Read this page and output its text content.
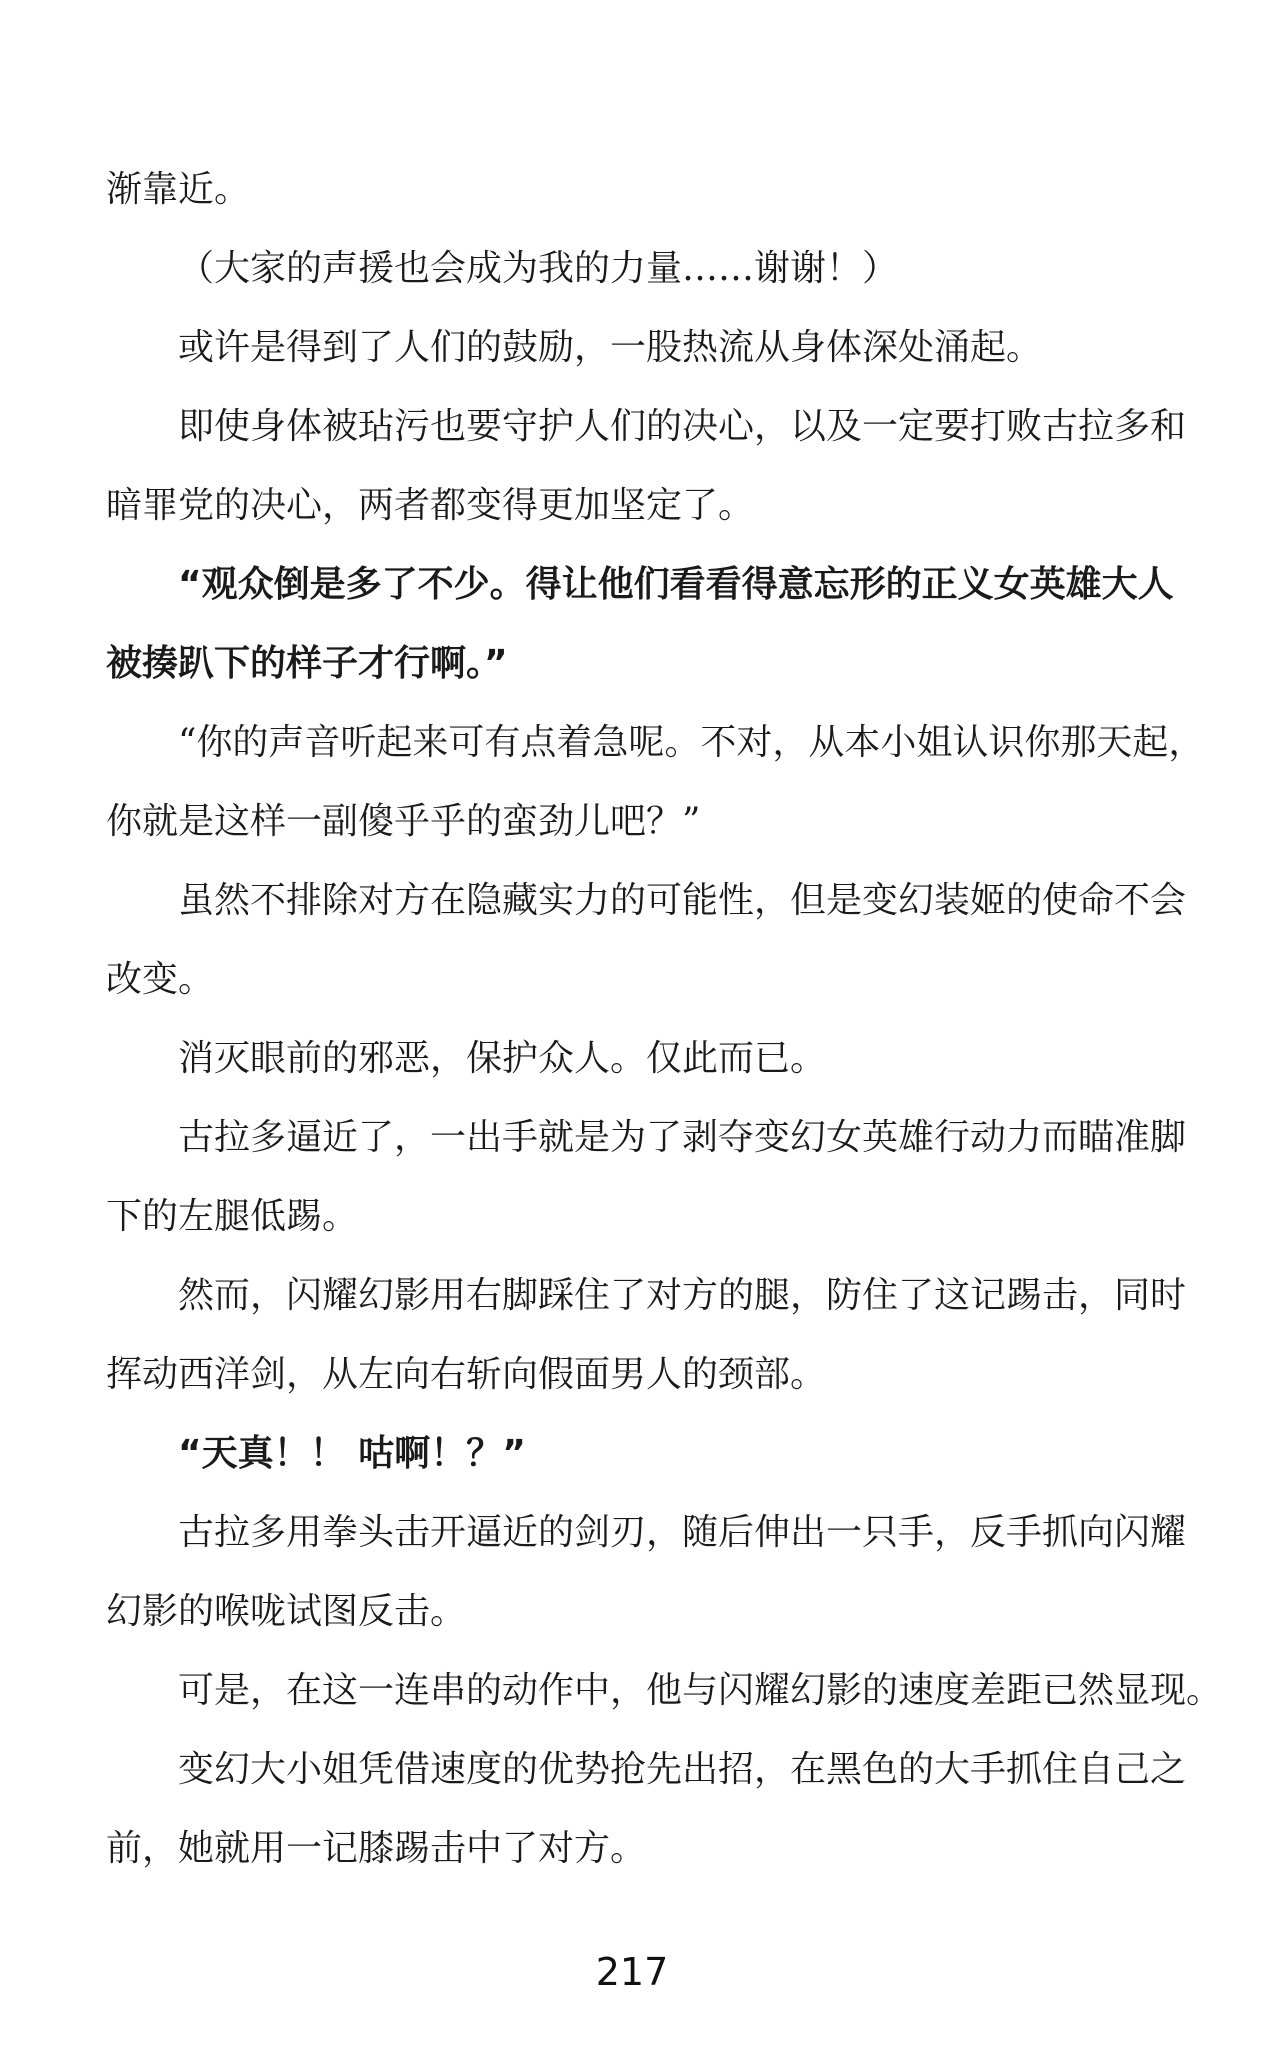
渐靠近。
（大家的声援也会成为我的力量……谢谢！）
或许是得到了人们的鼓励，一股热流从身体深处涌起。
即使身体被玷污也要守护人们的决心，以及一定要打败古拉多和
暗罪党的决心，两者都变得更加坚定了。
“观众倒是多了不少。得让他们看看得意忘形的正义女英雄大人
被揍趴下的样子才行啊。”
“你的声音听起来可有点着急呢。不对，从本小姐认识你那天起，
你就是这样一副傻乎乎的蛮劲儿吧？”
虽然不排除对方在隐藏实力的可能性，但是变幻装姬的使命不会
改变。
消灭眼前的邪恶，保护众人。仅此而已。
古拉多逼近了，一出手就是为了剥夺变幻女英雄行动力而瞄准脚
下的左腿低踢。
然而，闪耀幻影用右脚踩住了对方的腿，防住了这记踢击，同时
挥动西洋剑，从左向右斩向假面男人的颈部。
“天真！！ 咕啊！？”
古拉多用拳头击开逼近的剑刃，随后伸出一只手，反手抓向闪耀
幻影的喉咙试图反击。
可是，在这一连串的动作中，他与闪耀幻影的速度差距已然显现。
变幻大小姐凭借速度的优势抢先出招，在黑色的大手抓住自己之
前，她就用一记膝踢击中了对方。
217
